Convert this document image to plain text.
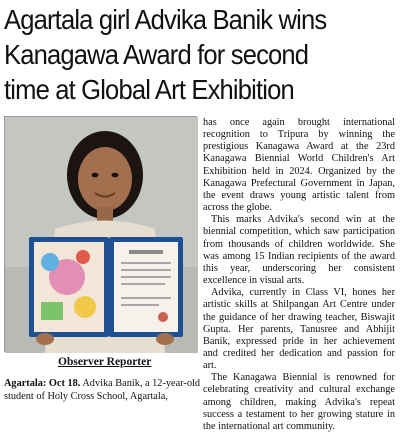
Agartala girl Advika Banik wins
Kanagawa Award for second
time at Global Art Exhibition
Observer Reporter
Agartala: Oct 18. Advika Banik, a 12-year-old student of Holy Cross School, Agartala,

has once again brought international recognition to Tripura by winning the prestigious Kanagawa Award at the 23rd Kanagawa Biennial World Children's Art Exhibition held in 2024. Organized by the Kanagawa Prefectural Government in Japan, the event draws young artistic talent from across the globe.

This marks Advika's second win at the biennial competition, which saw participation from thousands of children worldwide. She was among 15 Indian recipients of the award this year, underscoring her consistent excellence in visual arts.

Advika, currently in Class VI, hones her artistic skills at Shilpangan Art Centre under the guidance of her drawing teacher, Biswajit Gupta. Her parents, Tanusree and Abhijit Banik, expressed pride in her achievement and credited her dedication and passion for art.

The Kanagawa Biennial is renowned for celebrating creativity and cultural exchange among children, making Advika's repeat success a testament to her growing stature in the international art community.
